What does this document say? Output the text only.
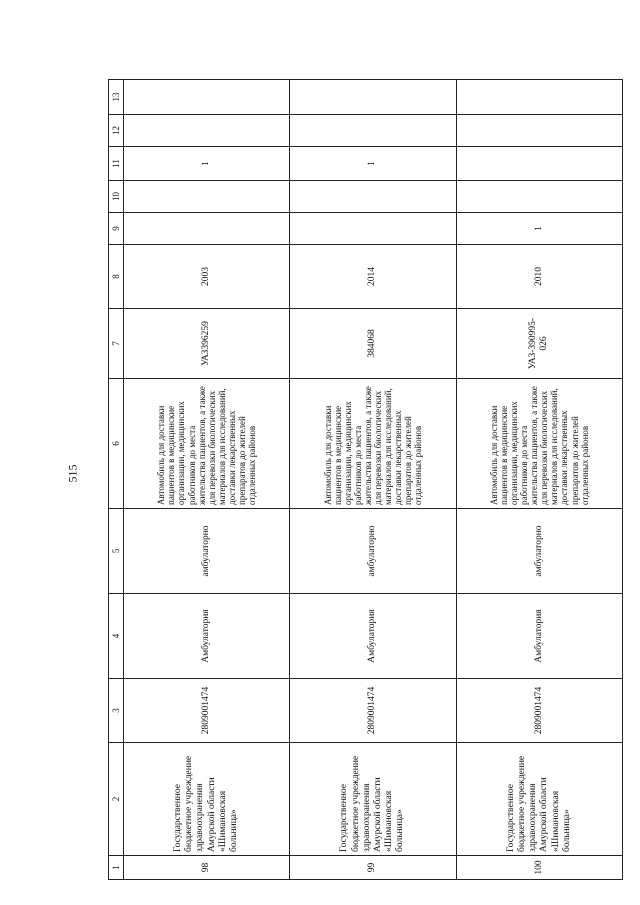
515
1	2	3	4	5	6	7	8	9	10	11	12	13
98	Государственное бюджетное учреждение здравоохранения Амурской области «Шимановская больница»	2809001474	Амбулатория	амбулаторно	Автомобиль для доставки пациентов в медицинские организации, медицинских работников до места жительства пациентов, а также для перевозки биологических материалов для исследований, доставки лекарственных препаратов до жителей отдаленных районов	УАЗ396259	2003			1		
99	Государственное бюджетное учреждение здравоохранения Амурской области «Шимановская больница»	2809001474	Амбулатория	амбулаторно	Автомобиль для доставки пациентов в медицинские организации, медицинских работников до места жительства пациентов, а также для перевозки биологических материалов для исследований, доставки лекарственных препаратов до жителей отдаленных районов	384068	2014			1		
100	Государственное бюджетное учреждение здравоохранения Амурской области «Шимановская больница»	2809001474	Амбулатория	амбулаторно	Автомобиль для доставки пациентов в медицинские организации, медицинских работников до места жительства пациентов, а также для перевозки биологических материалов для исследований, доставки лекарственных препаратов до жителей отдаленных районов	УАЗ-390995-026	2010	1				
